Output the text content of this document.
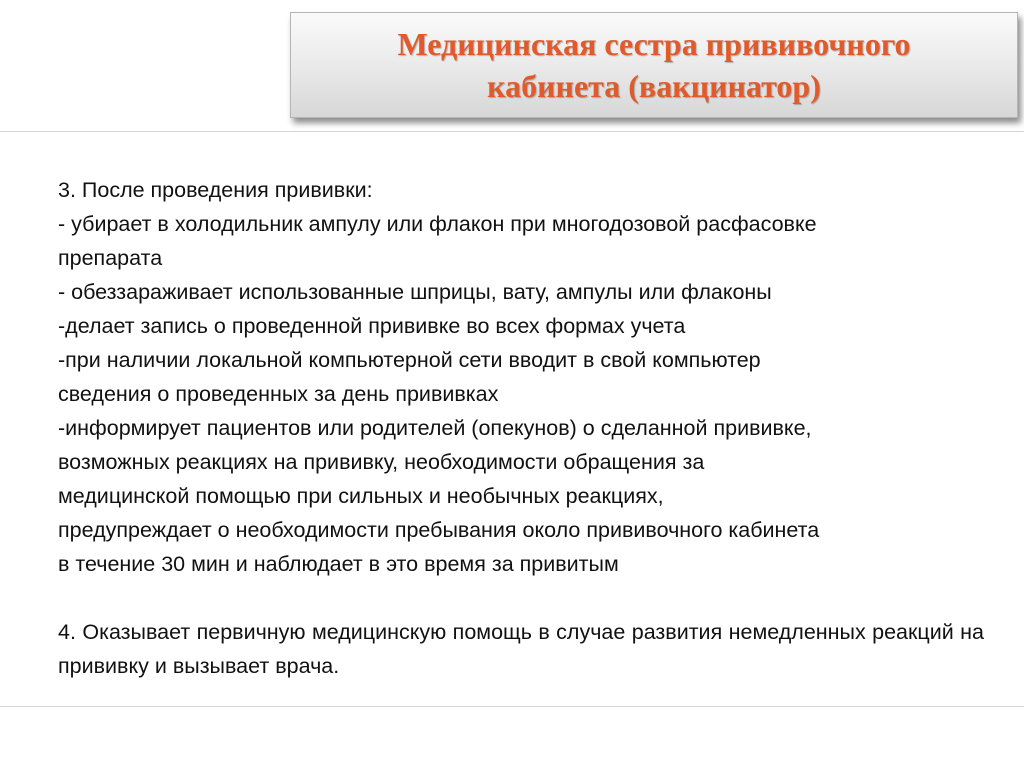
Медицинская сестра прививочного
кабинета (вакцинатор)
3. После проведения прививки:
- убирает в холодильник ампулу или флакон при многодозовой расфасовке
препарата
- обеззараживает использованные шприцы, вату, ампулы или флаконы
-делает запись о проведенной прививке во всех формах учета
-при наличии локальной компьютерной сети вводит в свой компьютер
сведения о проведенных за день прививках
-информирует пациентов или родителей (опекунов) о сделанной прививке,
возможных реакциях на прививку, необходимости обращения за
медицинской помощью при сильных и необычных реакциях,
предупреждает о необходимости пребывания около прививочного кабинета
в течение 30 мин и наблюдает в это время за привитым
4. Оказывает первичную медицинскую помощь в случае развития немедленных реакций на прививку и вызывает врача.
